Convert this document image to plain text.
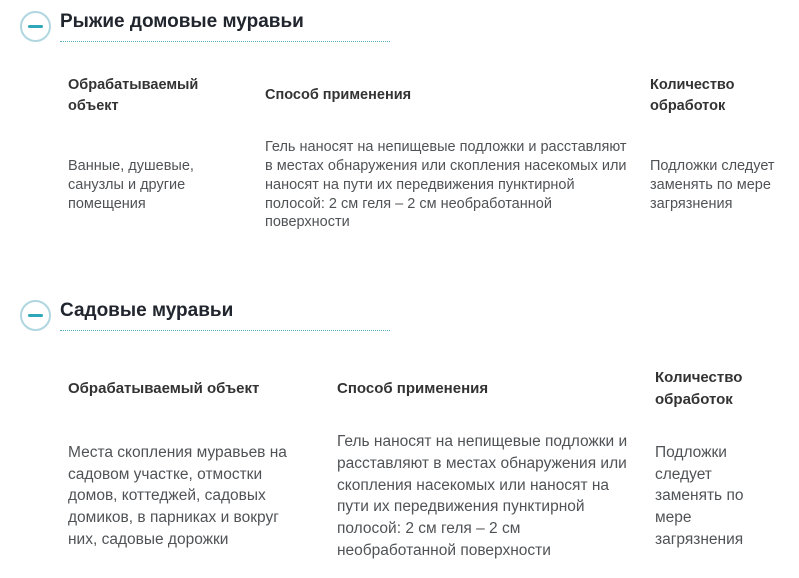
Рыжие домовые муравьи
Обрабатываемый объект
Способ применения
Количество обработок
Ванные, душевые, санузлы и другие помещения
Гель наносят на непищевые подложки и расставляют в местах обнаружения или скопления насекомых или наносят на пути их передвижения пунктирной полосой: 2 см геля – 2 см необработанной поверхности
Подложки следует заменять по мере загрязнения
Садовые муравьи
Обрабатываемый объект	Способ применения
Количество обработок
Места скопления муравьев на садовом участке, отмостки домов, коттеджей, садовых домиков, в парниках и вокруг них, садовые дорожки
Гель наносят на непищевые подложки и расставляют в местах обнаружения или скопления насекомых или наносят на пути их передвижения пунктирной полосой: 2 см геля – 2 см необработанной поверхности
Подложки следует заменять по мере загрязнения
